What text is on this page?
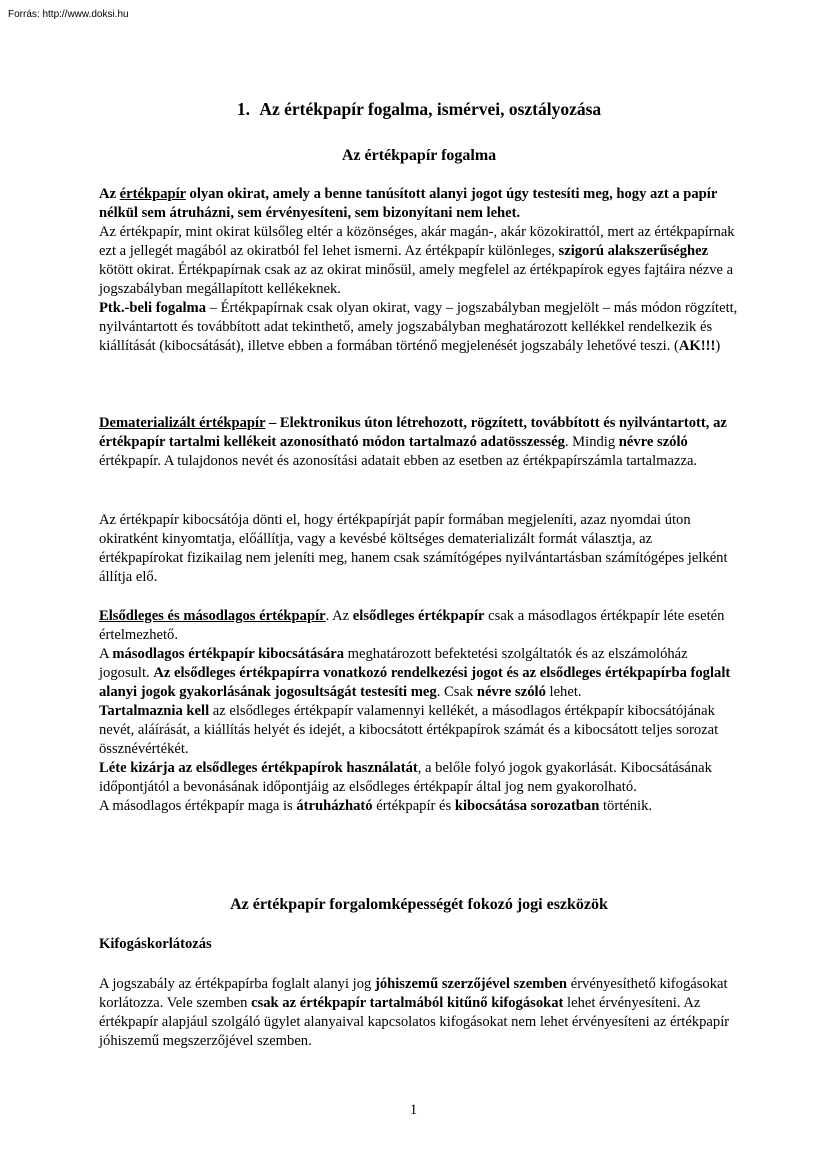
Forrás: http://www.doksi.hu
1. Az értékpapír fogalma, ismérvei, osztályozása
Az értékpapír fogalma

Az értékpapír olyan okirat, amely a benne tanúsított alanyi jogot úgy testesíti meg, hogy azt a papír nélkül sem átruházni, sem érvényesíteni, sem bizonyítani nem lehet.

Az értékpapír, mint okirat külsőleg eltér a közönséges, akár magán-, akár közokirattól, mert az értékpapírnak ezt a jellegét magából az okiratból fel lehet ismerni. Az értékpapír különleges, szigorú alakszerűséghez kötött okirat. Értékpapírnak csak az az okirat minősül, amely megfelel az értékpapírok egyes fajtáira nézve a jogszabályban megállapított kellékeknek.

Ptk.-beli fogalma – Értékpapírnak csak olyan okirat, vagy – jogszabályban megjelölt – más módon rögzített, nyilvántartott és továbbított adat tekinthető, amely jogszabályban meghatározott kellékkel rendelkezik és kiállítását (kibocsátását), illetve ebben a formában történő megjelenését jogszabály lehetővé teszi. (AK!!!)

Dematerializált értékpapír – Elektronikus úton létrehozott, rögzített, továbbított és nyilvántartott, az értékpapír tartalmi kellékeit azonosítható módon tartalmazó adatösszesség. Mindig névre szóló értékpapír. A tulajdonos nevét és azonosítási adatait ebben az esetben az értékpapírszámla tartalmazza.

Az értékpapír kibocsátója dönti el, hogy értékpapírját papír formában megjeleníti, azaz nyomdai úton okiratként kinyomtatja, előállítja, vagy a kevésbé költséges dematerializált formát választja, az értékpapírokat fizikailag nem jeleníti meg, hanem csak számítógépes nyilvántartásban számítógépes jelként állítja elő.

Elsődleges és másodlagos értékpapír. Az elsődleges értékpapír csak a másodlagos értékpapír léte esetén értelmezhető.

A másodlagos értékpapír kibocsátására meghatározott befektetési szolgáltatók és az elszámolóház jogosult. Az elsődleges értékpapírra vonatkozó rendelkezési jogot és az elsődleges értékpapírba foglalt alanyi jogok gyakorlásának jogosultságát testesíti meg. Csak névre szóló lehet.

Tartalmaznia kell az elsődleges értékpapír valamennyi kellékét, a másodlagos értékpapír kibocsátójának nevét, aláírását, a kiállítás helyét és idejét, a kibocsátott értékpapírok számát és a kibocsátott teljes sorozat össznévértékét.

Léte kizárja az elsődleges értékpapírok használatát, a belőle folyó jogok gyakorlását. Kibocsátásának időpontjától a bevonásának időpontjáig az elsődleges értékpapír által jog nem gyakorolható.

A másodlagos értékpapír maga is átruházható értékpapír és kibocsátása sorozatban történik.

Az értékpapír forgalomképességét fokozó jogi eszközök
Kifogáskorlátozás

A jogszabály az értékpapírba foglalt alanyi jog jóhiszemű szerzőjével szemben érvényesíthető kifogásokat korlátozza. Vele szemben csak az értékpapír tartalmából kitűnő kifogásokat lehet érvényesíteni. Az értékpapír alapjául szolgáló ügylet alanyaival kapcsolatos kifogásokat nem lehet érvényesíteni az értékpapír jóhiszemű megszerzőjével szemben.

1
